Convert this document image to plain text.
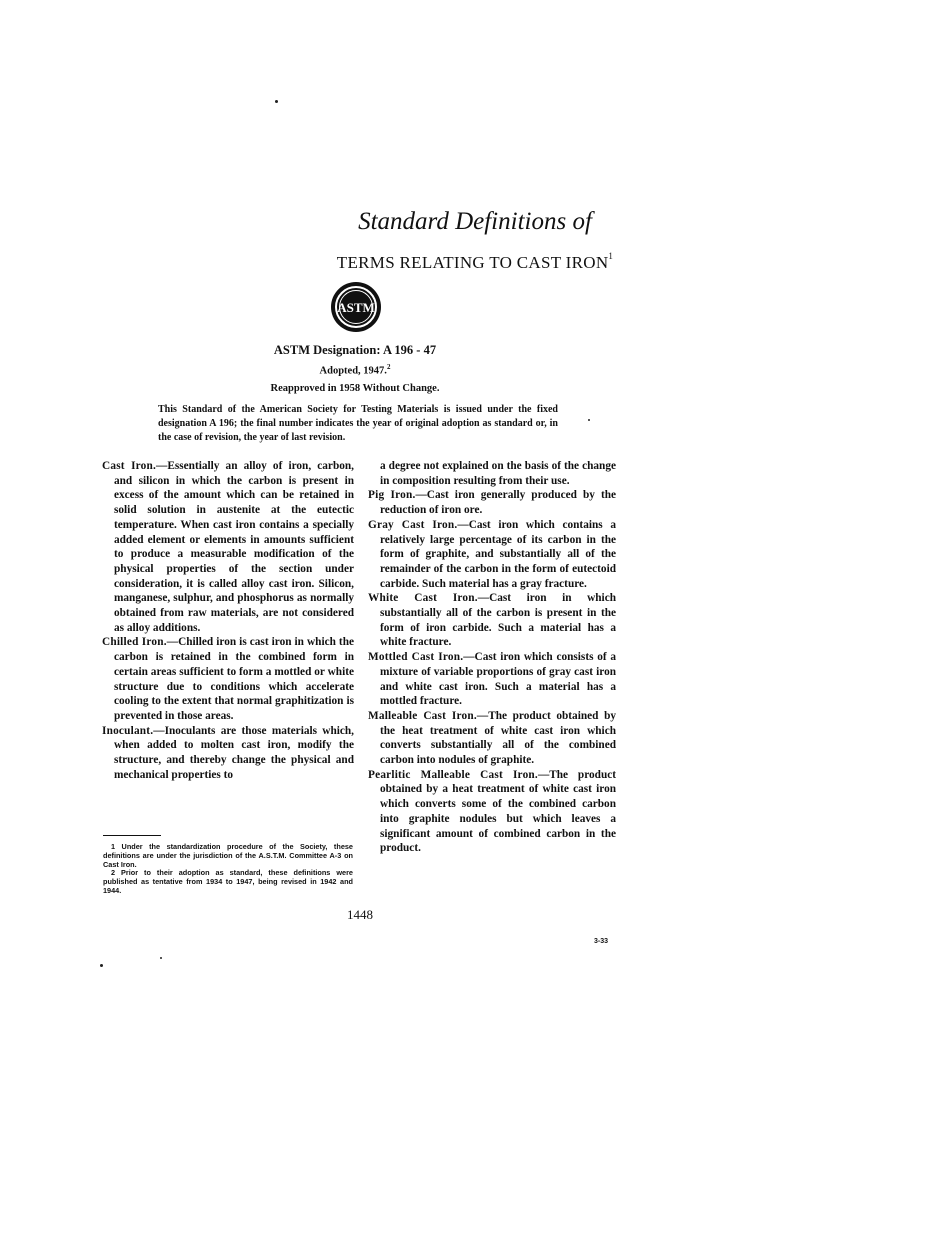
Standard Definitions of
TERMS RELATING TO CAST IRON$^1$
ASTM
ASTM Designation: A 196 - 47
Adopted, 1947.$^2$
Reapproved in 1958 Without Change.
This Standard of the American Society for Testing Materials is issued under the fixed designation A 196; the final number indicates the year of original adoption as standard or, in the case of revision, the year of last revision.

Cast Iron.—Essentially an alloy of iron, carbon, and silicon in which the carbon is present in excess of the amount which can be retained in solid solution in austenite at the eutectic temperature. When cast iron contains a specially added element or elements in amounts sufficient to produce a measurable modification of the physical properties of the section under consideration, it is called alloy cast iron. Silicon, manganese, sulphur, and phosphorus as normally obtained from raw materials, are not considered as alloy additions.

Chilled Iron.—Chilled iron is cast iron in which the carbon is retained in the combined form in certain areas sufficient to form a mottled or white structure due to conditions which accelerate cooling to the extent that normal graphitization is prevented in those areas.

Inoculant.—Inoculants are those materials which, when added to molten cast iron, modify the structure, and thereby change the physical and mechanical properties to

a degree not explained on the basis of the change in composition resulting from their use.

Pig Iron.—Cast iron generally produced by the reduction of iron ore.

Gray Cast Iron.—Cast iron which contains a relatively large percentage of its carbon in the form of graphite, and substantially all of the remainder of the carbon in the form of eutectoid carbide. Such material has a gray fracture.

White Cast Iron.—Cast iron in which substantially all of the carbon is present in the form of iron carbide. Such a material has a white fracture.

Mottled Cast Iron.—Cast iron which consists of a mixture of variable proportions of gray cast iron and white cast iron. Such a material has a mottled fracture.

Malleable Cast Iron.—The product obtained by the heat treatment of white cast iron which converts substantially all of the combined carbon into nodules of graphite.

Pearlitic Malleable Cast Iron.—The product obtained by a heat treatment of white cast iron which converts some of the combined carbon into graphite nodules but which leaves a significant amount of combined carbon in the product.

1 Under the standardization procedure of the Society, these definitions are under the jurisdiction of the A.S.T.M. Committee A-3 on Cast Iron.

2 Prior to their adoption as standard, these definitions were published as tentative from 1934 to 1947, being revised in 1942 and 1944.

1448
3-33
